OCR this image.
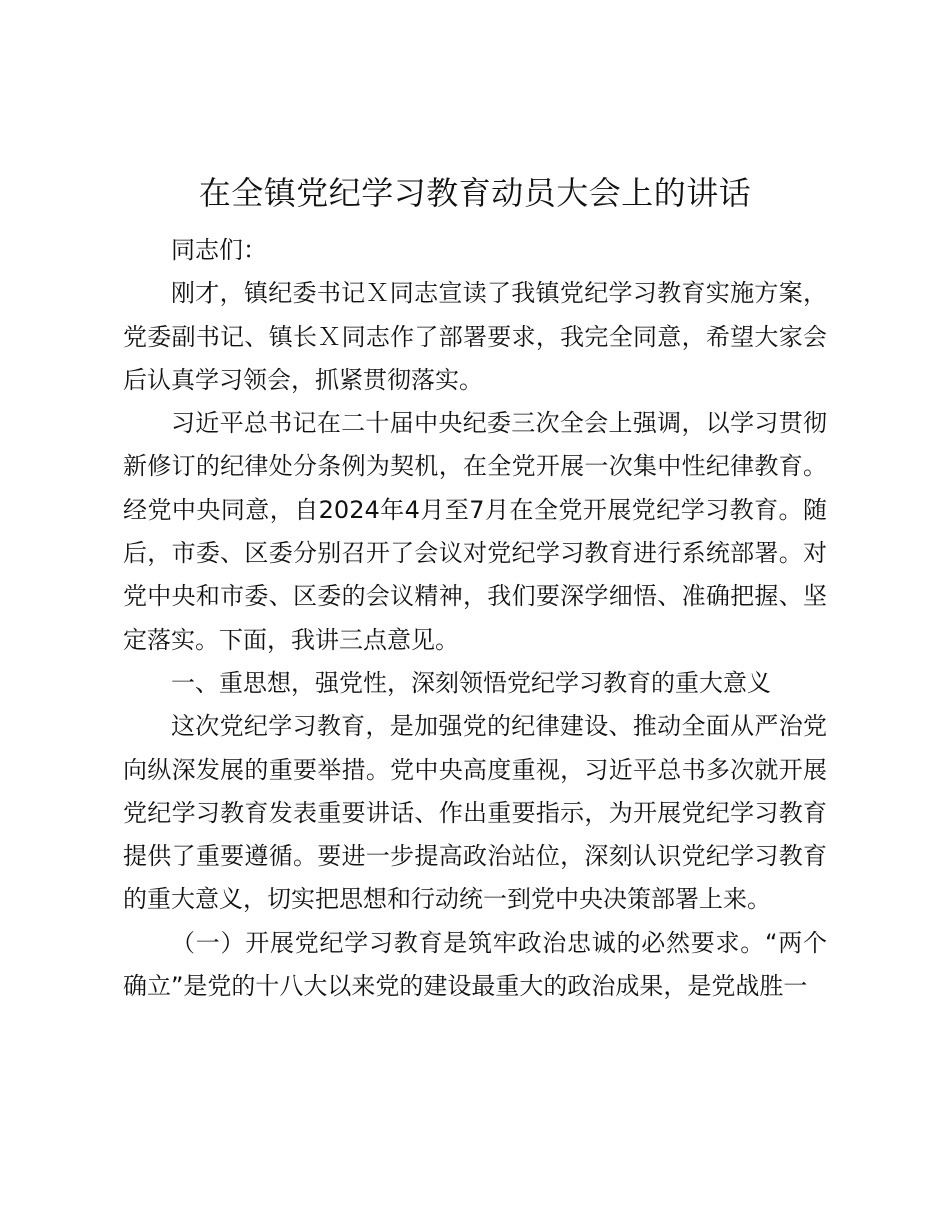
在全镇党纪学习教育动员大会上的讲话

同志们：

刚才，镇纪委书记Ｘ同志宣读了我镇党纪学习教育实施方案，党委副书记、镇长Ｘ同志作了部署要求，我完全同意，希望大家会后认真学习领会，抓紧贯彻落实。

习近平总书记在二十届中央纪委三次全会上强调，以学习贯彻新修订的纪律处分条例为契机，在全党开展一次集中性纪律教育。经党中央同意，自2024年4月至7月在全党开展党纪学习教育。随后，市委、区委分别召开了会议对党纪学习教育进行系统部署。对党中央和市委、区委的会议精神，我们要深学细悟、准确把握、坚定落实。下面，我讲三点意见。

一、重思想，强党性，深刻领悟党纪学习教育的重大意义

这次党纪学习教育，是加强党的纪律建设、推动全面从严治党向纵深发展的重要举措。党中央高度重视，习近平总书多次就开展党纪学习教育发表重要讲话、作出重要指示，为开展党纪学习教育提供了重要遵循。要进一步提高政治站位，深刻认识党纪学习教育的重大意义，切实把思想和行动统一到党中央决策部署上来。

（一）开展党纪学习教育是筑牢政治忠诚的必然要求。“两个确立”是党的十八大以来党的建设最重大的政治成果，是党战胜一
